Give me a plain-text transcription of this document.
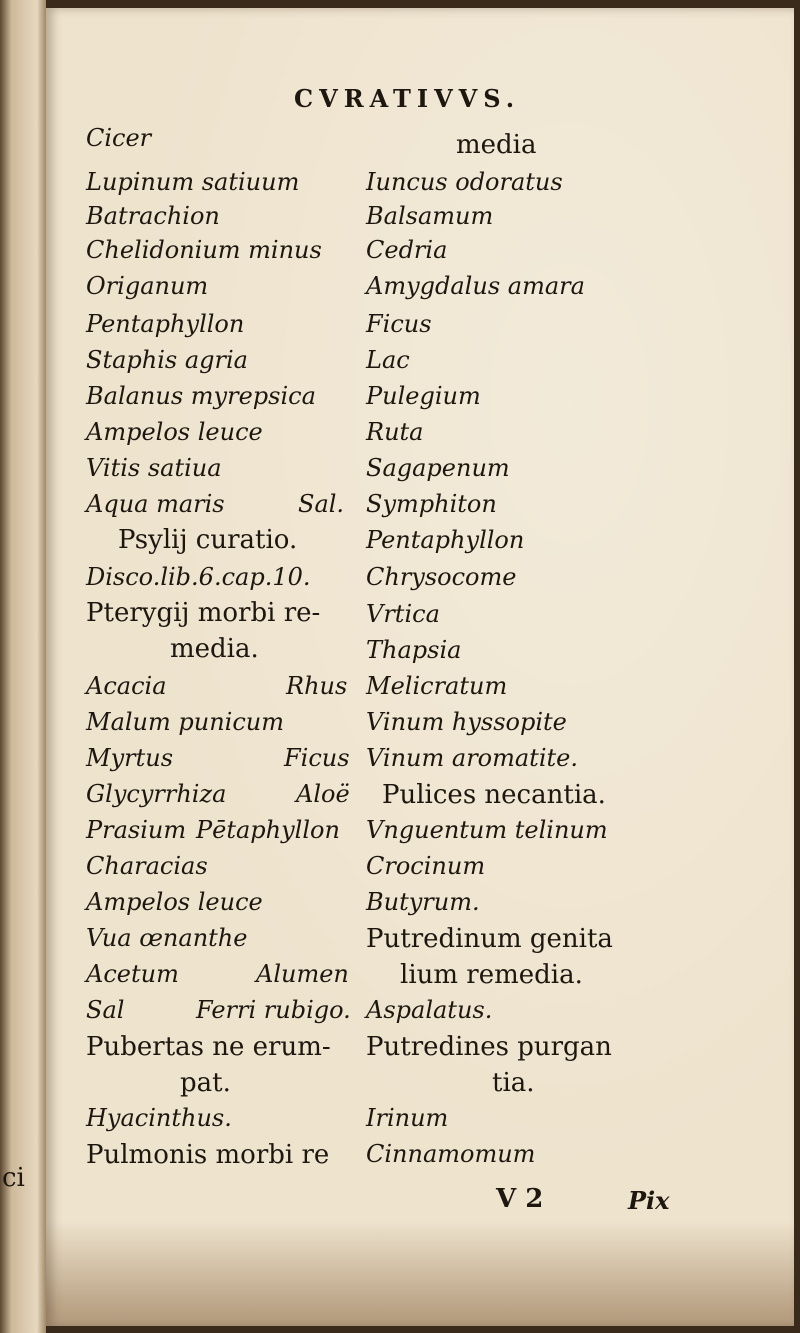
ci
CVRATIVVS.
Cicer
Lupinum satiuum
Batrachion
Chelidonium minus
Origanum
Pentaphyllon
Staphis agria
Balanus myrepsica
Ampelos leuce
Vitis satiua
Aqua maris	Sal.
Psylij curatio.
Disco.lib.6.cap.10.
Pterygij morbi re-
media.
Acacia	Rhus
Malum punicum
Myrtus	Ficus
Glycyrrhiza	Aloë
Prasium Pētaphyllon
Characias
Ampelos leuce
Vua œnanthe
Acetum	Alumen
Sal	Ferri rubigo.
Pubertas ne erum-
pat.
Hyacinthus.
Pulmonis morbi re
media
Iuncus odoratus
Balsamum
Cedria
Amygdalus amara
Ficus
Lac
Pulegium
Ruta
Sagapenum
Symphiton
Pentaphyllon
Chrysocome
Vrtica
Thapsia
Melicratum
Vinum hyssopite
Vinum aromatite.
Pulices necantia.
Vnguentum telinum
Crocinum
Butyrum.
Putredinum genita
lium remedia.
Aspalatus.
Putredines purgan
tia.
Irinum
Cinnamomum
V 2	Pix
